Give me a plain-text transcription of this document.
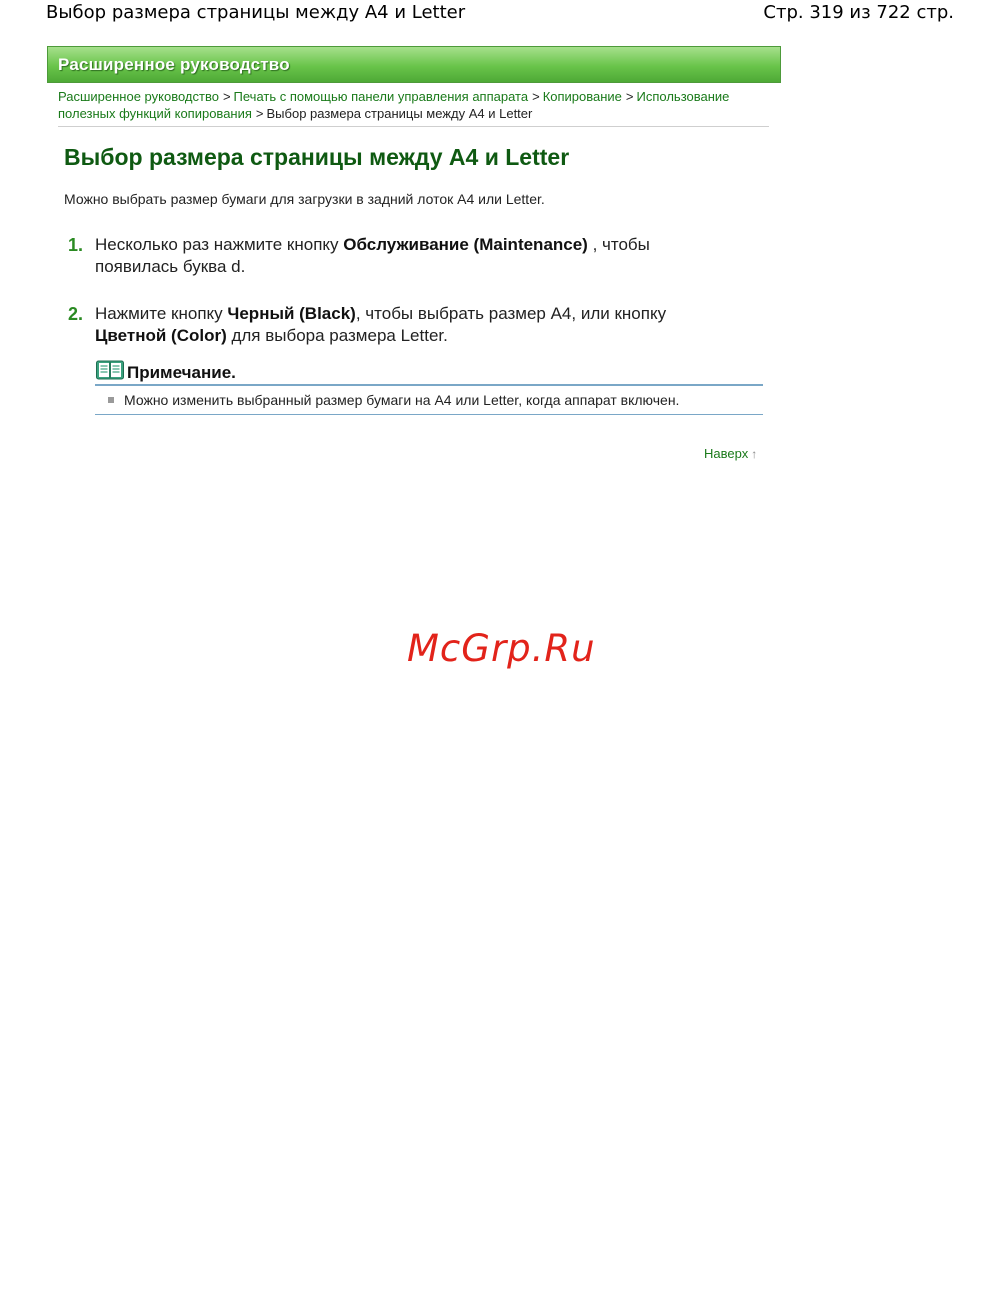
Выбор размера страницы между A4 и Letter	Стр. 319 из 722 стр.
Расширенное руководство
Расширенное руководство > Печать с помощью панели управления аппарата > Копирование > Использование полезных функций копирования > Выбор размера страницы между A4 и Letter
Выбор размера страницы между A4 и Letter
Можно выбрать размер бумаги для загрузки в задний лоток A4 или Letter.
1. Несколько раз нажмите кнопку Обслуживание (Maintenance) , чтобы появилась буква d.
2. Нажмите кнопку Черный (Black), чтобы выбрать размер A4, или кнопку Цветной (Color) для выбора размера Letter.
Примечание.
Можно изменить выбранный размер бумаги на A4 или Letter, когда аппарат включен.
Наверх ↑
McGrp.Ru
